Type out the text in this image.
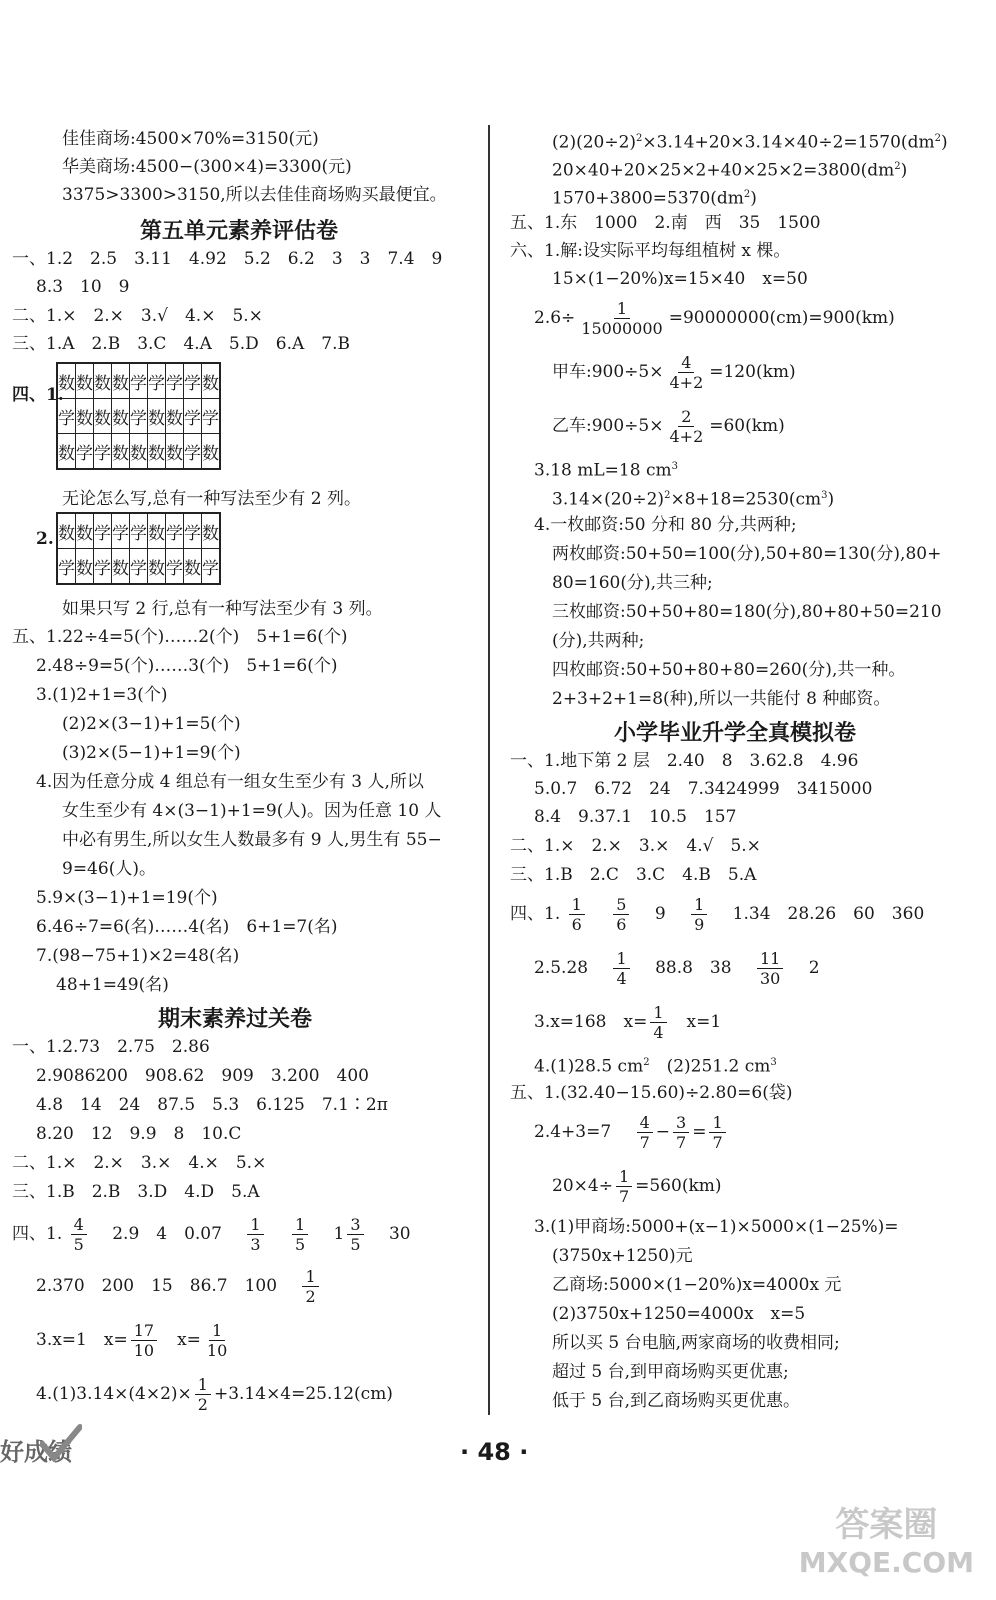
佳佳商场:4500×70%=3150(元)
华美商场:4500−(300×4)=3300(元)
3375>3300>3150,所以去佳佳商场购买最便宜。
第五单元素养评估卷
一、1.2　2.5　3.11　4.92　5.2　6.2　3　3　7.4　9
8.3　10　9
二、1.×　2.×　3.√　4.×　5.×
三、1.A　2.B　3.C　4.A　5.D　6.A　7.B
四、1.
数	数	数	数	学	学	学	学	数
学	数	数	数	学	数	数	学	学
数	学	学	数	数	数	数	学	数
无论怎么写,总有一种写法至少有 2 列。
2. 数	数	学	学	学	数	学	学	数
学	数	学	数	学	数	学	数	学
如果只写 2 行,总有一种写法至少有 3 列。
五、1.22÷4=5(个)……2(个)　5+1=6(个)
2.48÷9=5(个)……3(个)　5+1=6(个)
3.(1)2+1=3(个)
(2)2×(3−1)+1=5(个)
(3)2×(5−1)+1=9(个)
4.因为任意分成 4 组总有一组女生至少有 3 人,所以
女生至少有 4×(3−1)+1=9(人)。因为任意 10 人
中必有男生,所以女生人数最多有 9 人,男生有 55−
9=46(人)。
5.9×(3−1)+1=19(个)
6.46÷7=6(名)……4(名)　6+1=7(名)
7.(98−75+1)×2=48(名)
48+1=49(名)
期末素养过关卷
一、1.2.73　2.75　2.86
2.9086200　908.62　909　3.200　400
4.8　14　24　87.5　5.3　6.125　7.1∶2π
8.20　12　9.9　8　10.C
二、1.×　2.×　3.×　4.×　5.×
三、1.B　2.B　3.D　4.D　5.A
四、1. $\frac{4}{5}$  2.9 4 0.07  $\frac{1}{3}$
  $\frac{1}{5}$
  $1 \frac{3}{5}$
  30
2.370　200　15　86.7　100  $\frac{1}{2}$
3.x=1  $x= \frac{17}{10}$
  $x= \frac{1}{10}$
$4.(1)3.14\times(4\times 2)\times \frac{1}{2} +3.14\times 4=25.12(cm)$
$(2)(20\div 2)^2\times 3.14+20\times 3.14\times 40\div 2=1570(dm^2)$
$20\times 40+20\times 25\times 2+40\times 25\times 2=3800(dm^2)$
$1570+3800=5370(dm^2)$
五、1.东　1000　2.南　西　35　1500
六、1.解:设实际平均每组植树 x 棵。
15×(1−20%)x=15×40　x=50
$2.6\div \frac{1}{15000000} =90000000(cm)=900(km)$
甲车:900÷5× $\frac{4}{4+2} =120(km)$
乙车:900÷5× $\frac{2}{4+2} =60(km)$
3.18 mL=18 $cm^3$
$3.14\times(20\div 2)^2\times 8+18=2530(cm^3)$
4.一枚邮资:50 分和 80 分,共两种;
两枚邮资:50+50=100(分),50+80=130(分),80+
80=160(分),共三种;
三枚邮资:50+50+80=180(分),80+80+50=210
(分),共两种;
四枚邮资:50+50+80+80=260(分),共一种。
2+3+2+1=8(种),所以一共能付 8 种邮资。
小学毕业升学全真模拟卷
一、1.地下第 2 层　2.40　8　3.62.8　4.96
5.0.7　6.72　24　7.3424999　3415000
8.4　9.37.1　10.5　157
二、1.×　2.×　3.×　4.√　5.×
三、1.B　2.C　3.C　4.B　5.A
四、1. $\frac{1}{6}$
  $\frac{5}{6}$
  9  $\frac{1}{9}$
  1.34　28.26　60　360
2.5.28  $\frac{1}{4}$
  88.8　38  $\frac{11}{30}$
  2
3.x=168　$x= \frac{1}{4}$
  x=1
4.(1)28.5 $cm^2$  (2)251.2 $cm^3$
五、1.(32.40−15.60)÷2.80=6(袋)
2.4+3=7  $\frac{4}{7} - \frac{3}{7} = \frac{1}{7}$
$20\times 4\div \frac{1}{7} =560(km)$
3.(1)甲商场:5000+(x−1)×5000×(1−25%)=
(3750x+1250)元
乙商场:5000×(1−20%)x=4000x 元
(2)3750x+1250=4000x　x=5
所以买 5 台电脑,两家商场的收费相同;
超过 5 台,到甲商场购买更优惠;
低于 5 台,到乙商场购买更优惠。
好成绩	· 48 ·
答案圈
MXQE.COM
